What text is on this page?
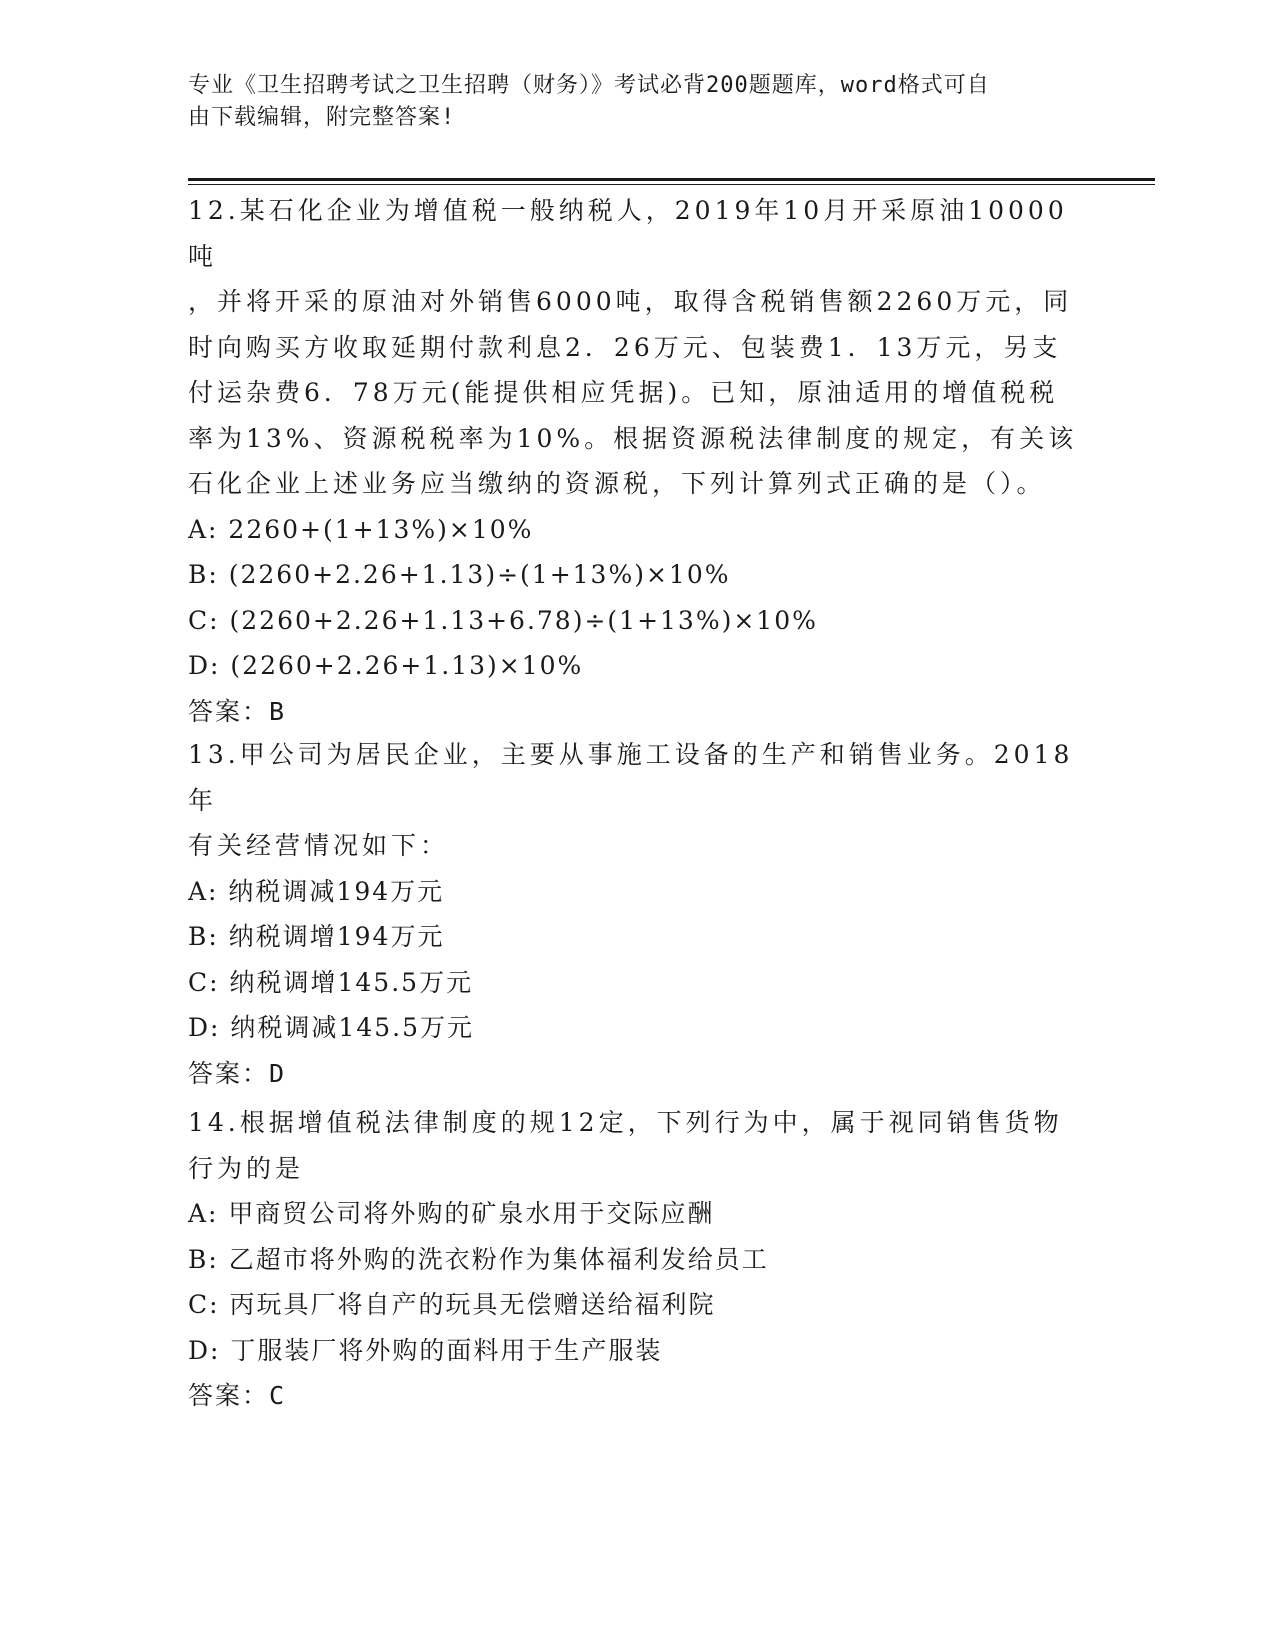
专业《卫生招聘考试之卫生招聘（财务）》考试必背200题题库，word格式可自
由下载编辑，附完整答案!

12.某石化企业为增值税一般纳税人，2019年10月开采原油10000吨

，并将开采的原油对外销售6000吨，取得含税销售额2260万元，同

时向购买方收取延期付款利息2．26万元、包装费1．13万元，另支

付运杂费6．78万元(能提供相应凭据)。已知，原油适用的增值税税

率为13%、资源税税率为10%。根据资源税法律制度的规定，有关该

石化企业上述业务应当缴纳的资源税，下列计算列式正确的是（）。

A: 2260+(1+13%)×10%

B: (2260+2.26+1.13)÷(1+13%)×10%

C: (2260+2.26+1.13+6.78)÷(1+13%)×10%

D: (2260+2.26+1.13)×10%

答案：B

13.甲公司为居民企业，主要从事施工设备的生产和销售业务。2018年

有关经营情况如下：

A: 纳税调减194万元

B: 纳税调增194万元

C: 纳税调增145.5万元

D: 纳税调减145.5万元

答案：D

14.根据增值税法律制度的规12定，下列行为中，属于视同销售货物

行为的是

A: 甲商贸公司将外购的矿泉水用于交际应酬

B: 乙超市将外购的洗衣粉作为集体福利发给员工

C: 丙玩具厂将自产的玩具无偿赠送给福利院

D: 丁服装厂将外购的面料用于生产服装

答案：C
